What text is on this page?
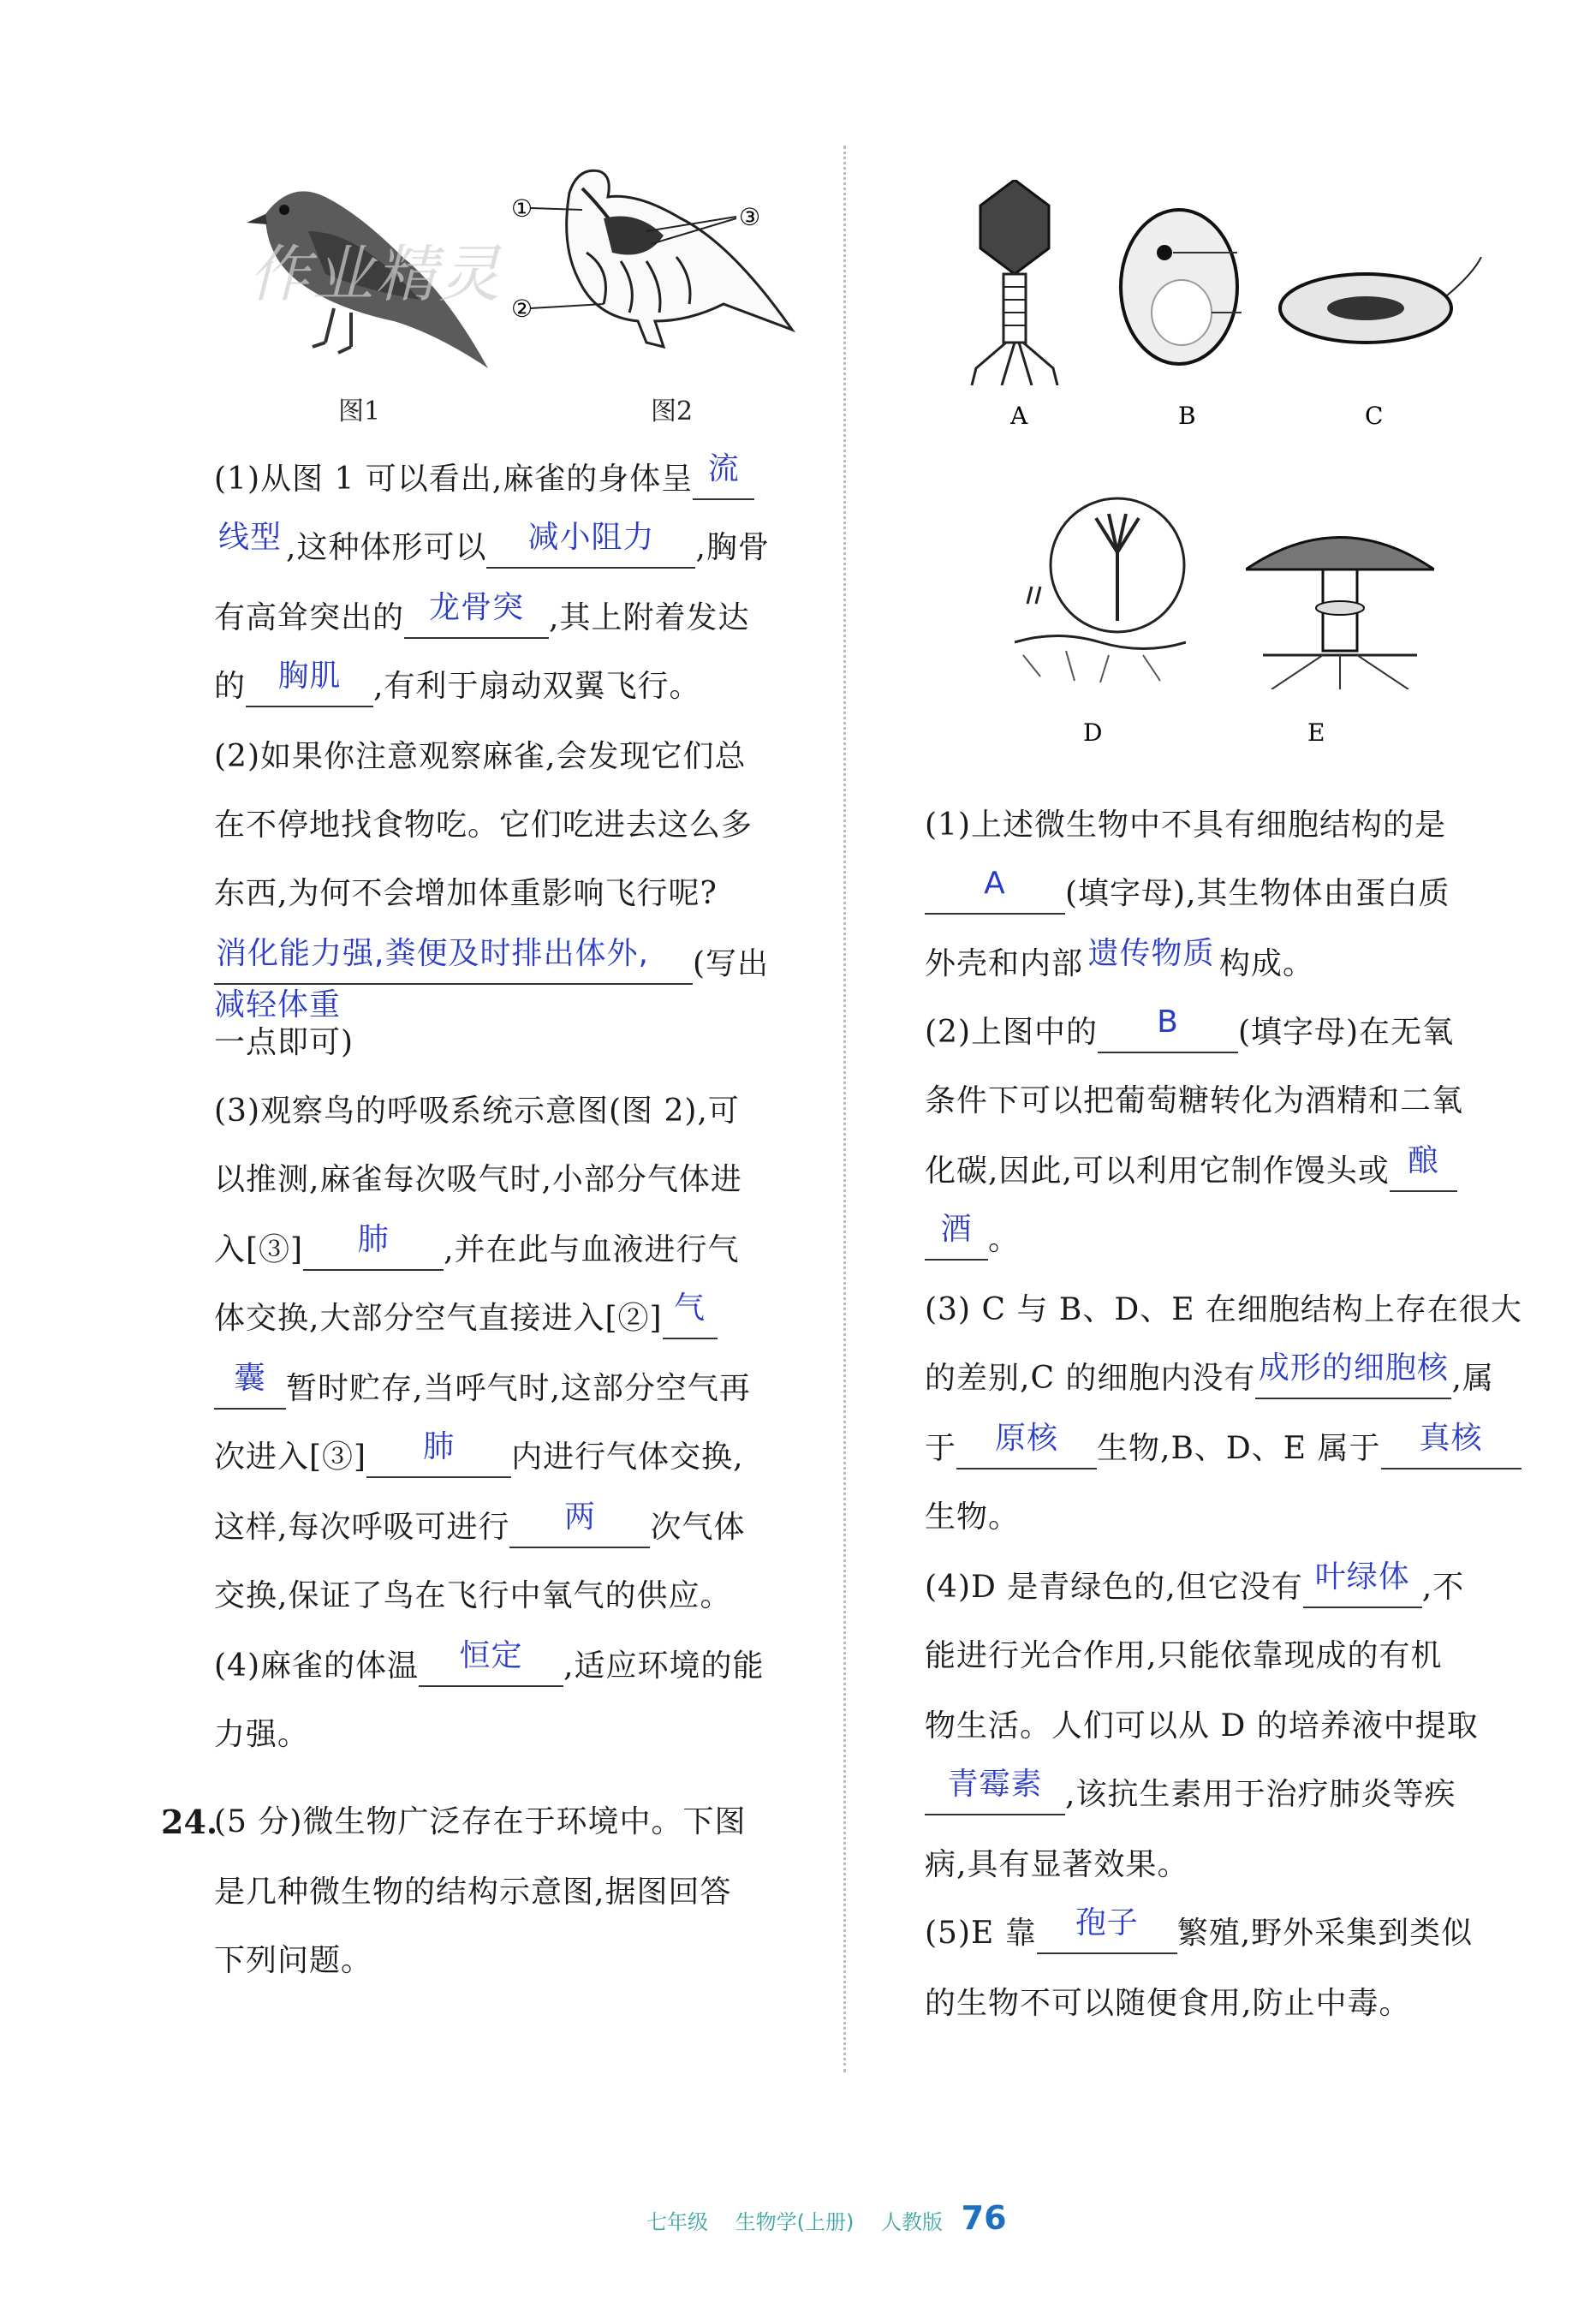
①
②
③
作业精灵
图1	图2
(1)从图 1 可以看出,麻雀的身体呈 流
线型 ,这种体形可以 减小阻力 ,胸骨
有高耸突出的 龙骨突 ,其上附着发达
的 胸肌 ,有利于扇动双翼飞行。
(2)如果你注意观察麻雀,会发现它们总
在不停地找食物吃。它们吃进去这么多
东西,为何不会增加体重影响飞行呢?
消化能力强,粪便及时排出体外, (写出
减轻体重
一点即可)
(3)观察鸟的呼吸系统示意图(图 2),可
以推测,麻雀每次吸气时,小部分气体进
入[③] 肺 ,并在此与血液进行气
体交换,大部分空气直接进入[②] 气
囊 暂时贮存,当呼气时,这部分空气再
次进入[③] 肺 内进行气体交换,
这样,每次呼吸可进行 两 次气体
交换,保证了鸟在飞行中氧气的供应。
(4)麻雀的体温 恒定 ,适应环境的能
力强。
24.
(5 分)微生物广泛存在于环境中。下图
是几种微生物的结构示意图,据图回答
下列问题。
A	B	C
D	E
(1)上述微生物中不具有细胞结构的是
A (填字母),其生物体由蛋白质
外壳和内部 遗传物质 构成。
(2)上图中的 B (填字母)在无氧
条件下可以把葡萄糖转化为酒精和二氧
化碳,因此,可以利用它制作馒头或 酿
酒 。
(3) C 与 B、D、E 在细胞结构上存在很大
的差别,C 的细胞内没有成形的细胞核,属
于 原核 生物,B、D、E 属于 真核
生物。
(4)D 是青绿色的,但它没有 叶绿体 ,不
能进行光合作用,只能依靠现成的有机
物生活。人们可以从 D 的培养液中提取
青霉素 ,该抗生素用于治疗肺炎等疾
病,具有显著效果。
(5)E 靠 孢子 繁殖,野外采集到类似
的生物不可以随便食用,防止中毒。
七年级 生物学(上册) 人教版 76
